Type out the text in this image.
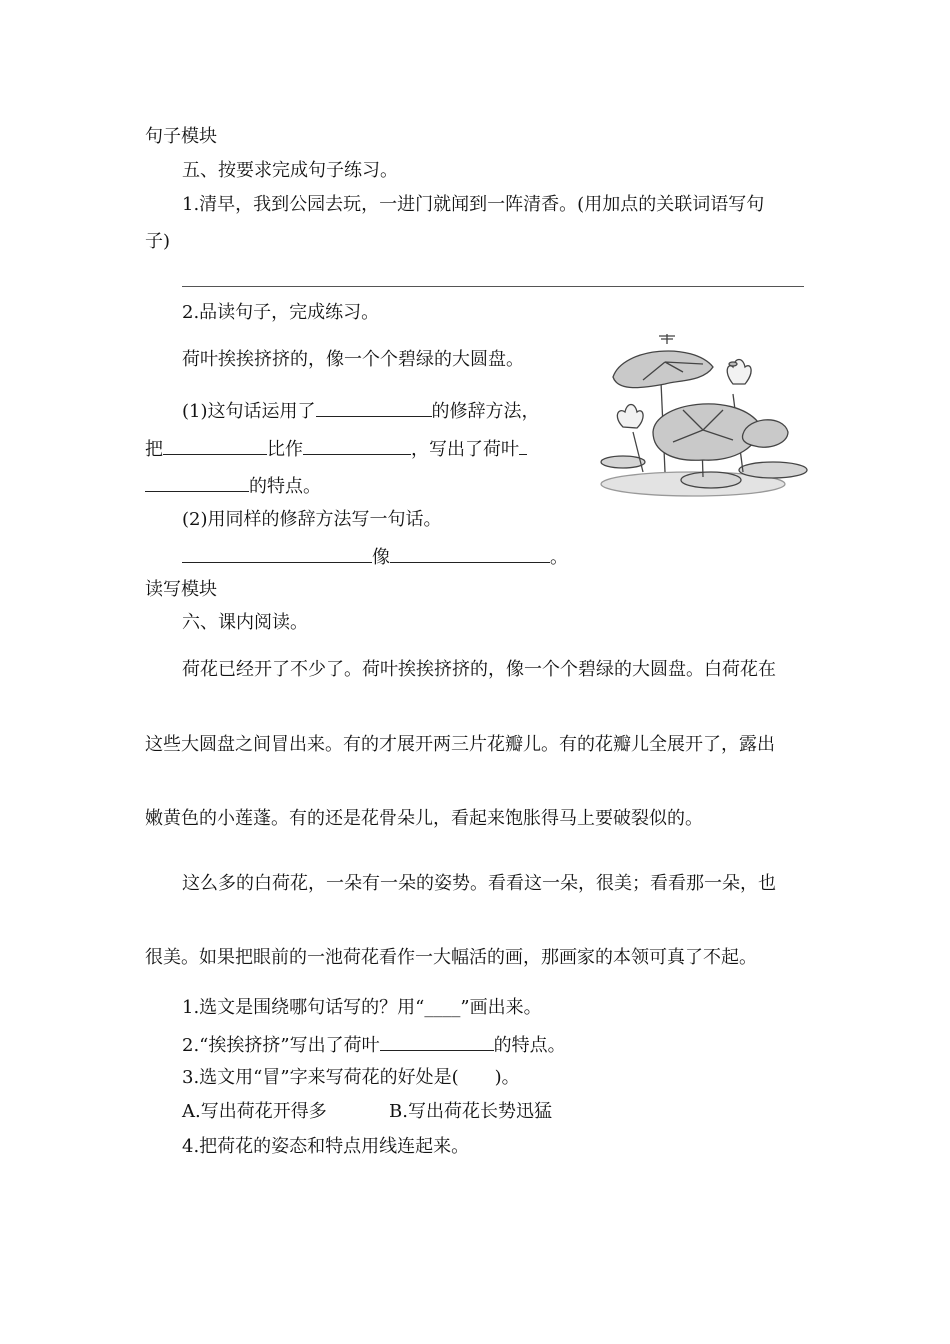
句子模块
五、按要求完成句子练习。
1.清早，我到公园去玩，一进门就闻到一阵清香。(用加点的关联词语写句
子)
2.品读句子，完成练习。
荷叶挨挨挤挤的，像一个个碧绿的大圆盘。
(1)这句话运用了	的修辞方法，
把	比作	，写出了荷叶
的特点。
(2)用同样的修辞方法写一句话。
像	。
读写模块
六、课内阅读。
荷花已经开了不少了。荷叶挨挨挤挤的，像一个个碧绿的大圆盘。白荷花在
这些大圆盘之间冒出来。有的才展开两三片花瓣儿。有的花瓣儿全展开了，露出
嫩黄色的小莲蓬。有的还是花骨朵儿，看起来饱胀得马上要破裂似的。
这么多的白荷花，一朵有一朵的姿势。看看这一朵，很美；看看那一朵，也
很美。如果把眼前的一池荷花看作一大幅活的画，那画家的本领可真了不起。
1.选文是围绕哪句话写的？用“____”画出来。
2.“挨挨挤挤”写出了荷叶	的特点。
3.选文用“冒”字来写荷花的好处是(　　)。
A.写出荷花开得多	B.写出荷花长势迅猛
4.把荷花的姿态和特点用线连起来。
